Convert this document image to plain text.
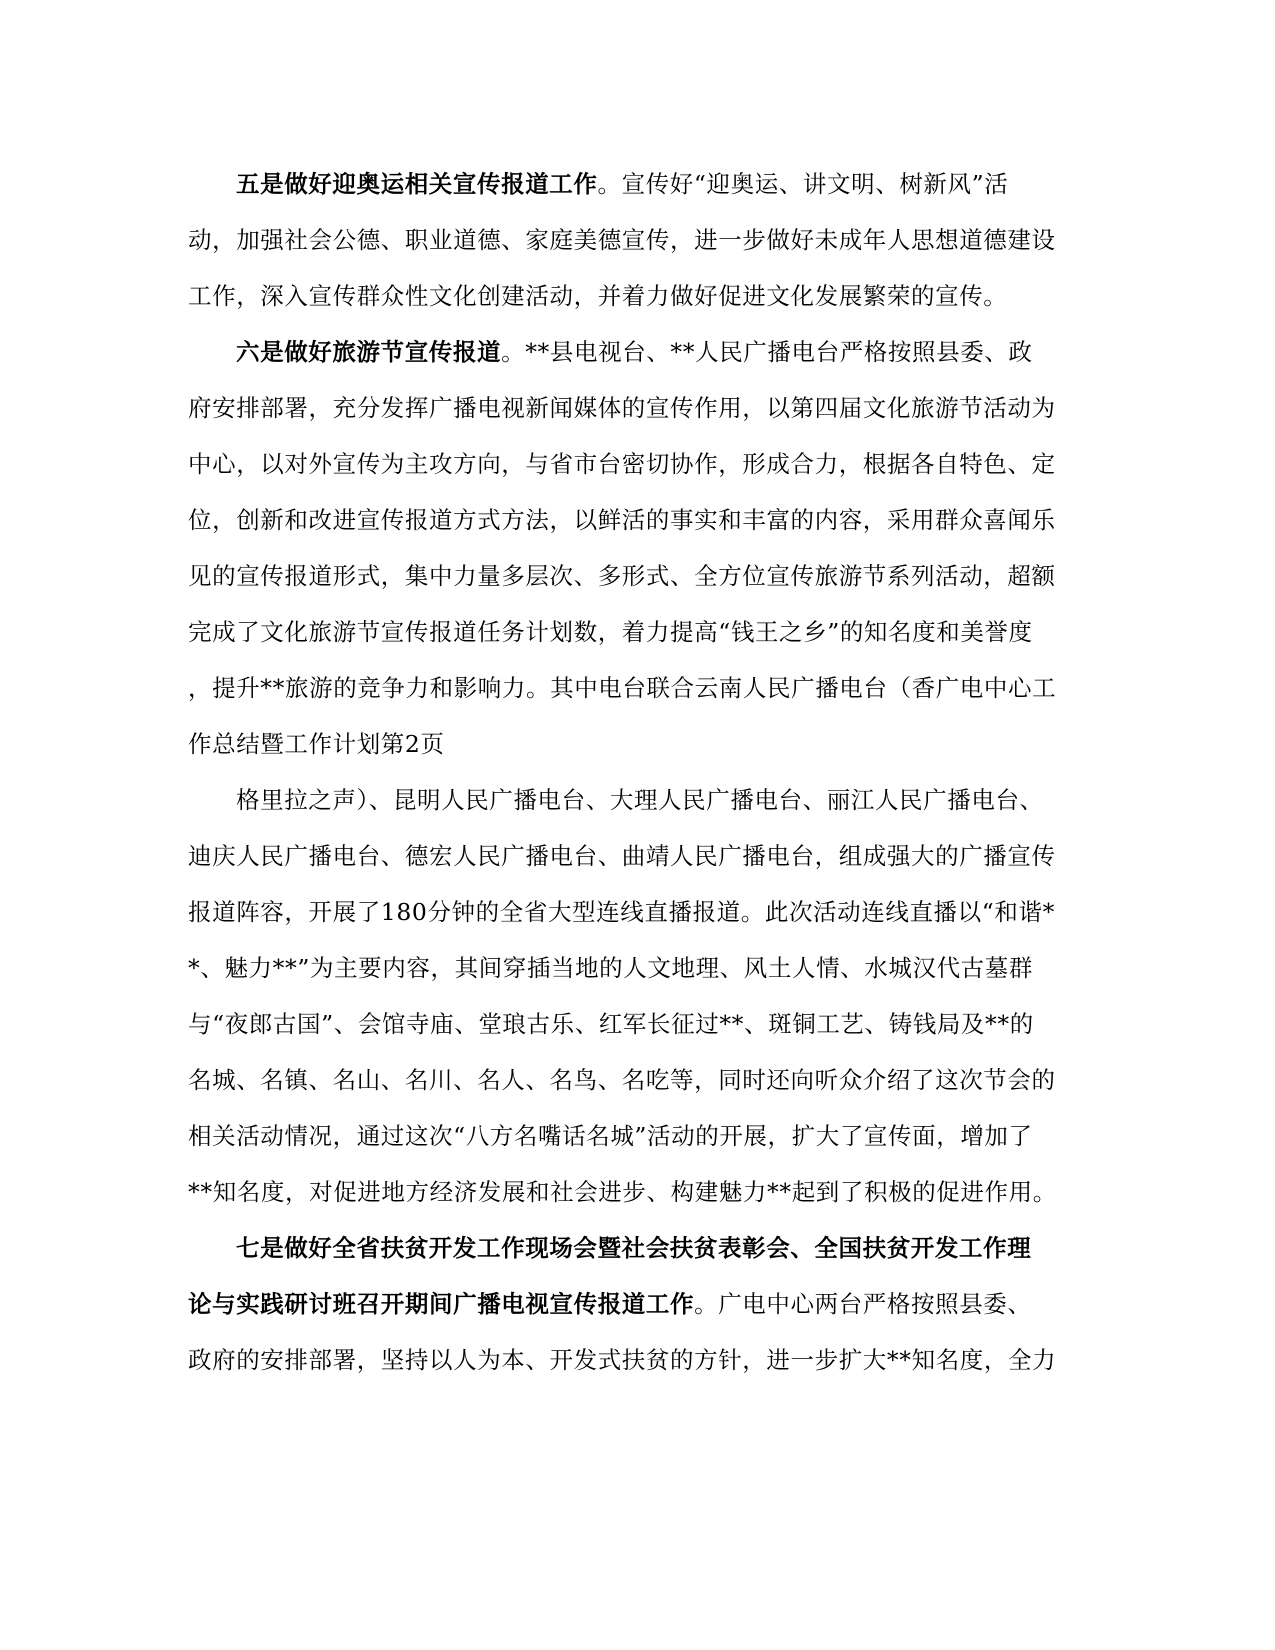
五是做好迎奥运相关宣传报道工作。宣传好“迎奥运、讲文明、树新风”活
动，加强社会公德、职业道德、家庭美德宣传，进一步做好未成年人思想道德建设
工作，深入宣传群众性文化创建活动，并着力做好促进文化发展繁荣的宣传。
六是做好旅游节宣传报道。**县电视台、**人民广播电台严格按照县委、政
府安排部署，充分发挥广播电视新闻媒体的宣传作用，以第四届文化旅游节活动为
中心，以对外宣传为主攻方向，与省市台密切协作，形成合力，根据各自特色、定
位，创新和改进宣传报道方式方法，以鲜活的事实和丰富的内容，采用群众喜闻乐
见的宣传报道形式，集中力量多层次、多形式、全方位宣传旅游节系列活动，超额
完成了文化旅游节宣传报道任务计划数，着力提高“钱王之乡”的知名度和美誉度
，提升**旅游的竞争力和影响力。其中电台联合云南人民广播电台（香广电中心工
作总结暨工作计划第2页
格里拉之声）、昆明人民广播电台、大理人民广播电台、丽江人民广播电台、
迪庆人民广播电台、德宏人民广播电台、曲靖人民广播电台，组成强大的广播宣传
报道阵容，开展了180分钟的全省大型连线直播报道。此次活动连线直播以“和谐*
*、魅力**”为主要内容，其间穿插当地的人文地理、风土人情、水城汉代古墓群
与“夜郎古国”、会馆寺庙、堂琅古乐、红军长征过**、斑铜工艺、铸钱局及**的
名城、名镇、名山、名川、名人、名鸟、名吃等，同时还向听众介绍了这次节会的
相关活动情况，通过这次“八方名嘴话名城”活动的开展，扩大了宣传面，增加了
**知名度，对促进地方经济发展和社会进步、构建魅力**起到了积极的促进作用。
七是做好全省扶贫开发工作现场会暨社会扶贫表彰会、全国扶贫开发工作理
论与实践研讨班召开期间广播电视宣传报道工作。广电中心两台严格按照县委、
政府的安排部署，坚持以人为本、开发式扶贫的方针，进一步扩大**知名度，全力
